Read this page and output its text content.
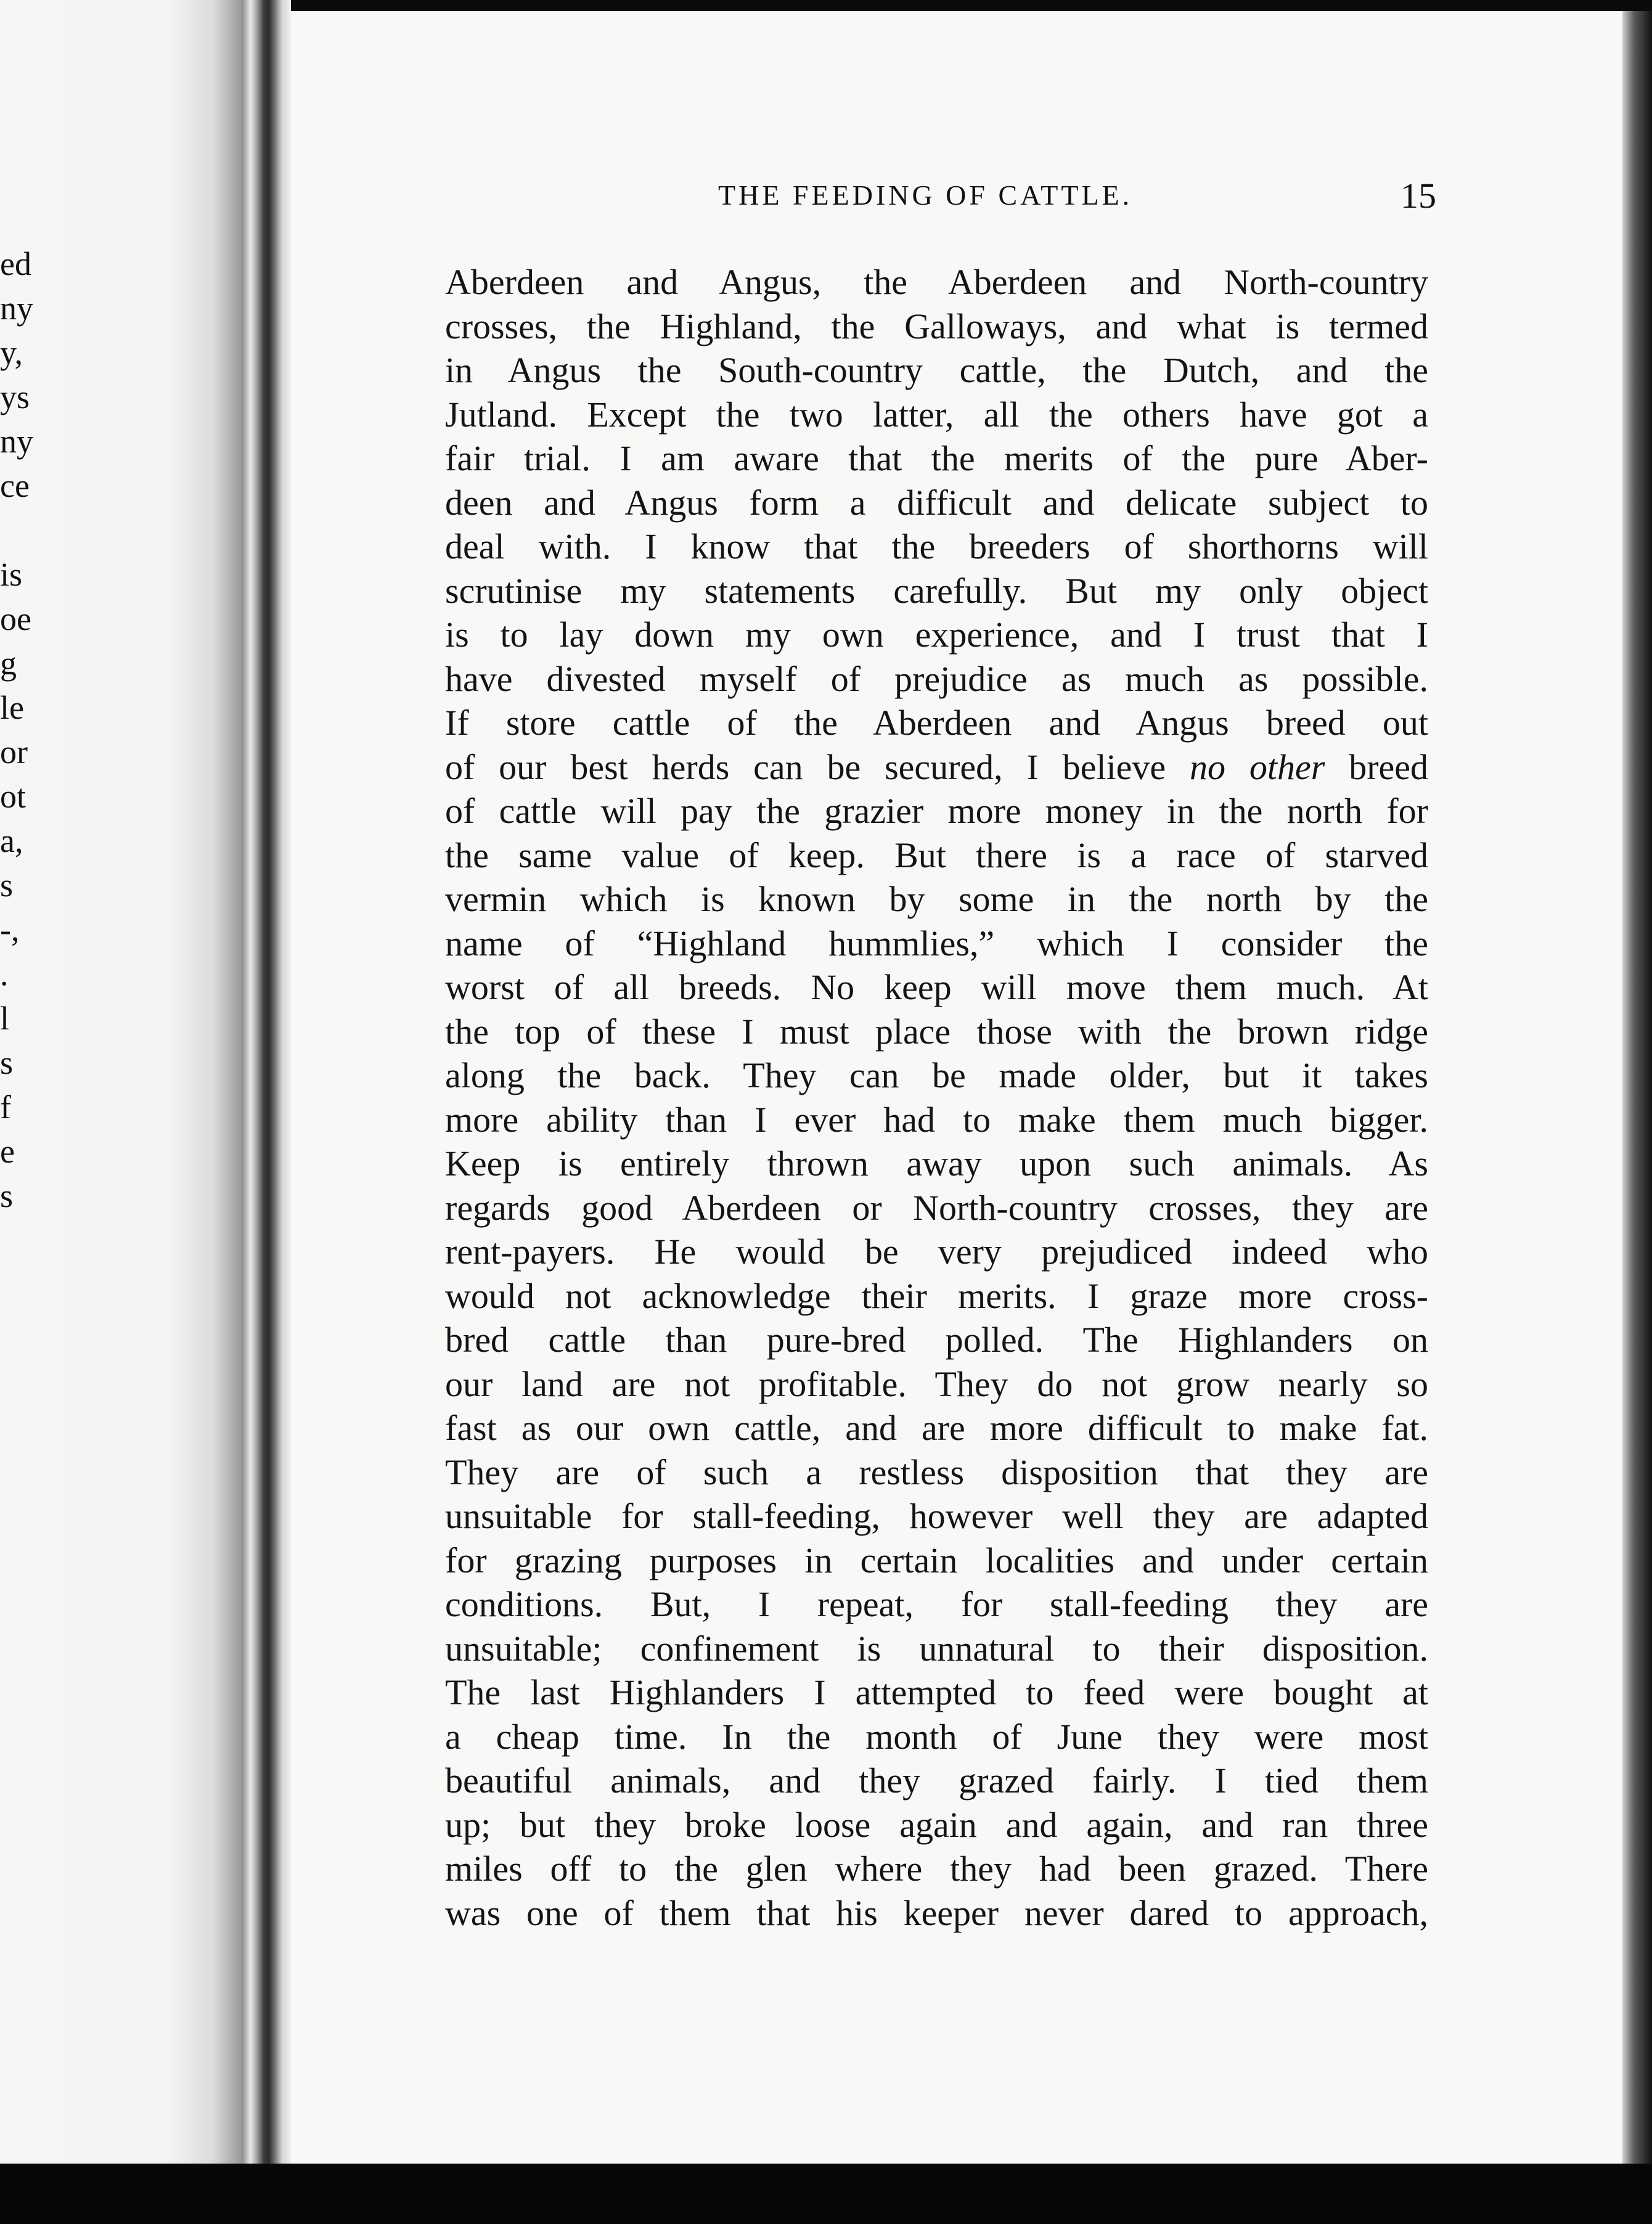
ed
ny
y,
ys
ny
ce

is
oe
g
le
or
ot
a,
s
-,
.
l
s
f
e
s
THE FEEDING OF CATTLE.	15
Aberdeen and Angus, the Aberdeen and North-country
crosses, the Highland, the Galloways, and what is termed
in Angus the South-country cattle, the Dutch, and the
Jutland. Except the two latter, all the others have got a
fair trial. I am aware that the merits of the pure Aber-
deen and Angus form a difficult and delicate subject to
deal with. I know that the breeders of shorthorns will
scrutinise my statements carefully. But my only object
is to lay down my own experience, and I trust that I
have divested myself of prejudice as much as possible.
If store cattle of the Aberdeen and Angus breed out
of our best herds can be secured, I believe no other breed
of cattle will pay the grazier more money in the north for
the same value of keep. But there is a race of starved
vermin which is known by some in the north by the
name of “Highland hummlies,” which I consider the
worst of all breeds. No keep will move them much. At
the top of these I must place those with the brown ridge
along the back. They can be made older, but it takes
more ability than I ever had to make them much bigger.
Keep is entirely thrown away upon such animals. As
regards good Aberdeen or North-country crosses, they are
rent-payers. He would be very prejudiced indeed who
would not acknowledge their merits. I graze more cross-
bred cattle than pure-bred polled. The Highlanders on
our land are not profitable. They do not grow nearly so
fast as our own cattle, and are more difficult to make fat.
They are of such a restless disposition that they are
unsuitable for stall-feeding, however well they are adapted
for grazing purposes in certain localities and under certain
conditions. But, I repeat, for stall-feeding they are
unsuitable; confinement is unnatural to their disposition.
The last Highlanders I attempted to feed were bought at
a cheap time. In the month of June they were most
beautiful animals, and they grazed fairly. I tied them
up; but they broke loose again and again, and ran three
miles off to the glen where they had been grazed. There
was one of them that his keeper never dared to approach,
